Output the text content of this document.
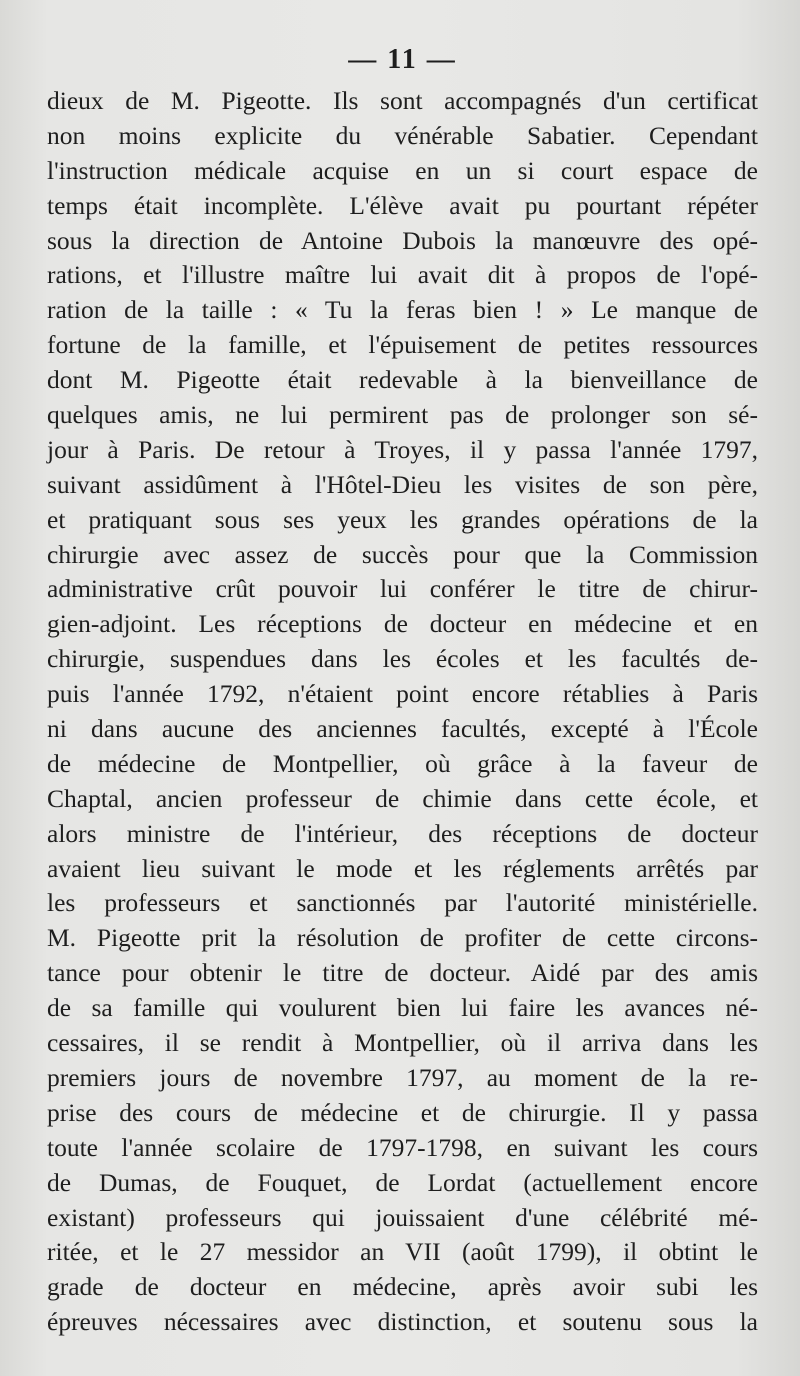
— 11 —
dieux de M. Pigeotte. Ils sont accompagnés d'un certificat
non moins explicite du vénérable Sabatier. Cependant
l'instruction médicale acquise en un si court espace de
temps était incomplète. L'élève avait pu pourtant répéter
sous la direction de Antoine Dubois la manœuvre des opé-
rations, et l'illustre maître lui avait dit à propos de l'opé-
ration de la taille : « Tu la feras bien ! » Le manque de
fortune de la famille, et l'épuisement de petites ressources
dont M. Pigeotte était redevable à la bienveillance de
quelques amis, ne lui permirent pas de prolonger son sé-
jour à Paris. De retour à Troyes, il y passa l'année 1797,
suivant assidûment à l'Hôtel-Dieu les visites de son père,
et pratiquant sous ses yeux les grandes opérations de la
chirurgie avec assez de succès pour que la Commission
administrative crût pouvoir lui conférer le titre de chirur-
gien-adjoint. Les réceptions de docteur en médecine et en
chirurgie, suspendues dans les écoles et les facultés de-
puis l'année 1792, n'étaient point encore rétablies à Paris
ni dans aucune des anciennes facultés, excepté à l'École
de médecine de Montpellier, où grâce à la faveur de
Chaptal, ancien professeur de chimie dans cette école, et
alors ministre de l'intérieur, des réceptions de docteur
avaient lieu suivant le mode et les réglements arrêtés par
les professeurs et sanctionnés par l'autorité ministérielle.
M. Pigeotte prit la résolution de profiter de cette circons-
tance pour obtenir le titre de docteur. Aidé par des amis
de sa famille qui voulurent bien lui faire les avances né-
cessaires, il se rendit à Montpellier, où il arriva dans les
premiers jours de novembre 1797, au moment de la re-
prise des cours de médecine et de chirurgie. Il y passa
toute l'année scolaire de 1797-1798, en suivant les cours
de Dumas, de Fouquet, de Lordat (actuellement encore
existant) professeurs qui jouissaient d'une célébrité mé-
ritée, et le 27 messidor an VII (août 1799), il obtint le
grade de docteur en médecine, après avoir subi les
épreuves nécessaires avec distinction, et soutenu sous la
